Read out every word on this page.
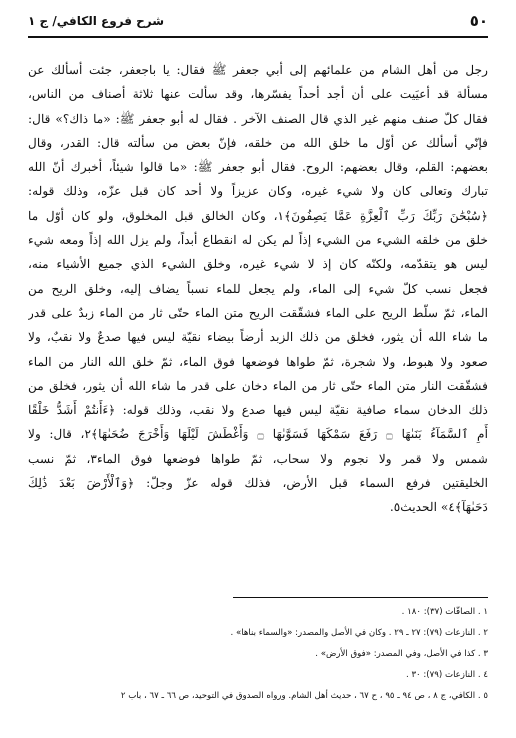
٥٠
شرح فروع الكافي/ ج ١
رجل من أهل الشام من علمائهم إلى أبي جعفر ﷺ فقال: يا باجعفر، جئت أسألك عن
مسألة قد أعيَيت على أن أجد أحداً يفسّرها، وقد سألت عنها ثلاثة أصناف من الناس،
فقال كلّ صنف منهم غير الذي قال الصنف الآخر . فقال له أبو جعفر ﷺ: «ما ذاك؟» قال:
فإنّي أسألك عن أوّل ما خلق الله من خلقه، فإنّ بعض من سألته قال: القدر، وقال
بعضهم: القلم، وقال بعضهم: الروح. فقال أبو جعفر ﷺ: «ما قالوا شيئاً، أخبرك أنّ الله
تبارك وتعالى كان ولا شيء غيره، وكان عزيزاً ولا أحد كان قبل عزّه، وذلك قوله:
﴿سُبْحَٰنَ رَبِّكَ رَبِّ ٱلْعِزَّةِ عَمَّا يَصِفُونَ﴾١، وكان الخالق قبل المخلوق، ولو كان أوّل ما
خلق من خلقه الشيء من الشيء إذاً لم يكن له انقطاع أبداً، ولم يزل الله إذاً ومعه شيء
ليس هو يتقدّمه، ولكنّه كان إذ لا شيء غيره، وخلق الشيء الذي جميع الأشياء منه،
فجعل نسب كلّ شيء إلى الماء، ولم يجعل للماء نسباً يضاف إليه، وخلق الريح من
الماء، ثمّ سلّط الريح على الماء فشقّقت الريح متن الماء حتّى ثار من الماء زبدٌ على قدر
ما شاء الله أن يثور، فخلق من ذلك الزبد أرضاً بيضاء نقيّة ليس فيها صدعٌ ولا نقبٌ، ولا
صعود ولا هبوط، ولا شجرة، ثمّ طواها فوضعها فوق الماء، ثمّ خلق الله النار من الماء
فشقّقت النار متن الماء حتّى ثار من الماء دخان على قدر ما شاء الله أن يثور، فخلق من
ذلك الدخان سماء صافية نقيّة ليس فيها صدع ولا نقب، وذلك قوله: ﴿ءَأَنتُمْ أَشَدُّ خَلْقًا
أَمِ ٱلسَّمَآءُ بَنَىٰهَا ۝ رَفَعَ سَمْكَهَا فَسَوَّىٰهَا ۝ وَأَغْطَشَ لَيْلَهَا وَأَخْرَجَ ضُحَىٰهَا﴾٢، قال: ولا
شمس ولا قمر ولا نجوم ولا سحاب، ثمّ طواها فوضعها فوق الماء٣، ثمّ نسب
الخليقتين فرفع السماء قبل الأرض، فذلك قوله عزّ وجلّ: ﴿وَٱلْأَرْضَ بَعْدَ ذَٰلِكَ
دَحَىٰهَآ﴾٤» الحديث٥.
١ . الصافّات (٣٧): ١٨٠ .
٢ . النازعات (٧٩): ٢٧ ـ ٢٩ . وكان في الأصل والمصدر: «والسماء بناها» .
٣ . كذا في الأصل، وفي المصدر: «فوق الأرض» .
٤ . النازعات (٧٩): ٣٠ .
٥ . الكافي، ج ٨ ، ص ٩٤ ـ ٩٥ ، ح ٦٧ ، حديث أهل الشام. ورواه الصدوق في التوحيد، ص ٦٦ ـ ٦٧ ، باب ٢
